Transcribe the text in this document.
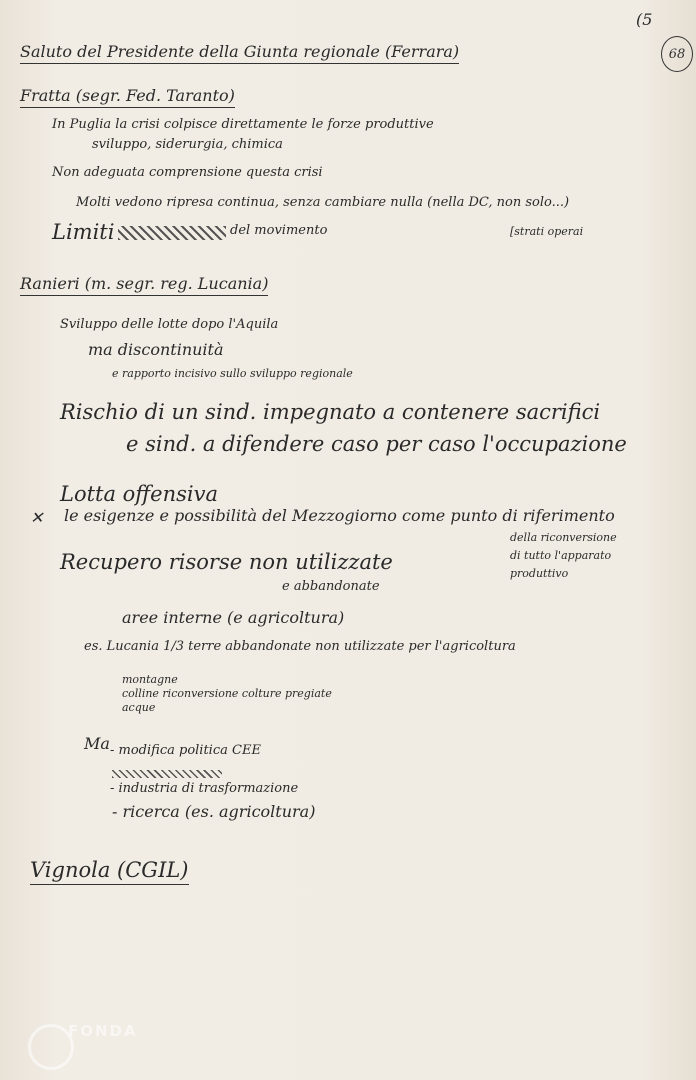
(5
68
Saluto del Presidente della Giunta regionale (Ferrara)
Fratta (segr. Fed. Taranto)
In Puglia la crisi colpisce direttamente le forze produttive
sviluppo, siderurgia, chimica
Non adeguata comprensione questa crisi
Molti vedono ripresa continua, senza cambiare nulla (nella DC, non solo...)
Limiti	del movimento	[strati operai
Ranieri (m. segr. reg. Lucania)
Sviluppo delle lotte dopo l'Aquila
ma discontinuità
e rapporto incisivo sullo sviluppo regionale
Rischio di un sind. impegnato a contenere sacrifici
e sind. a difendere caso per caso l'occupazione
Lotta offensiva
✕ le esigenze e possibilità del Mezzogiorno come punto di riferimento
della riconversione
di tutto l'apparato
produttivo
Recupero risorse non utilizzate
e abbandonate
aree interne (e agricoltura)
es. Lucania 1/3 terre abbandonate non utilizzate per l'agricoltura
montagne
colline riconversione colture pregiate
acque
Ma - modifica politica CEE
- industria di trasformazione
- ricerca (es. agricoltura)
Vignola (CGIL)
FONDA
